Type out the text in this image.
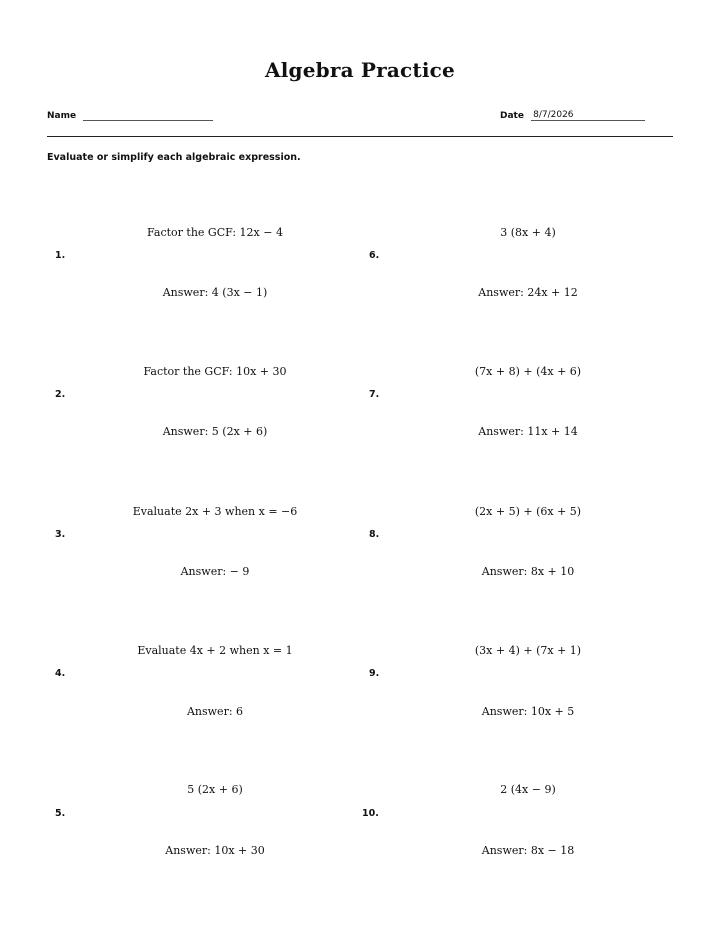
Algebra Practice
Name	Date 8/7/2026
Evaluate or simplify each algebraic expression.
1.
Factor the GCF: 12x − 4
Answer: 4 (3x − 1)
2.
Factor the GCF: 10x + 30
Answer: 5 (2x + 6)
3.
Evaluate 2x + 3 when x = −6
Answer: − 9
4.
Evaluate 4x + 2 when x = 1
Answer: 6
5.
5 (2x + 6)
Answer: 10x + 30
6.
3 (8x + 4)
Answer: 24x + 12
7.
(7x + 8) + (4x + 6)
Answer: 11x + 14
8.
(2x + 5) + (6x + 5)
Answer: 8x + 10
9.
(3x + 4) + (7x + 1)
Answer: 10x + 5
10.
2 (4x − 9)
Answer: 8x − 18
